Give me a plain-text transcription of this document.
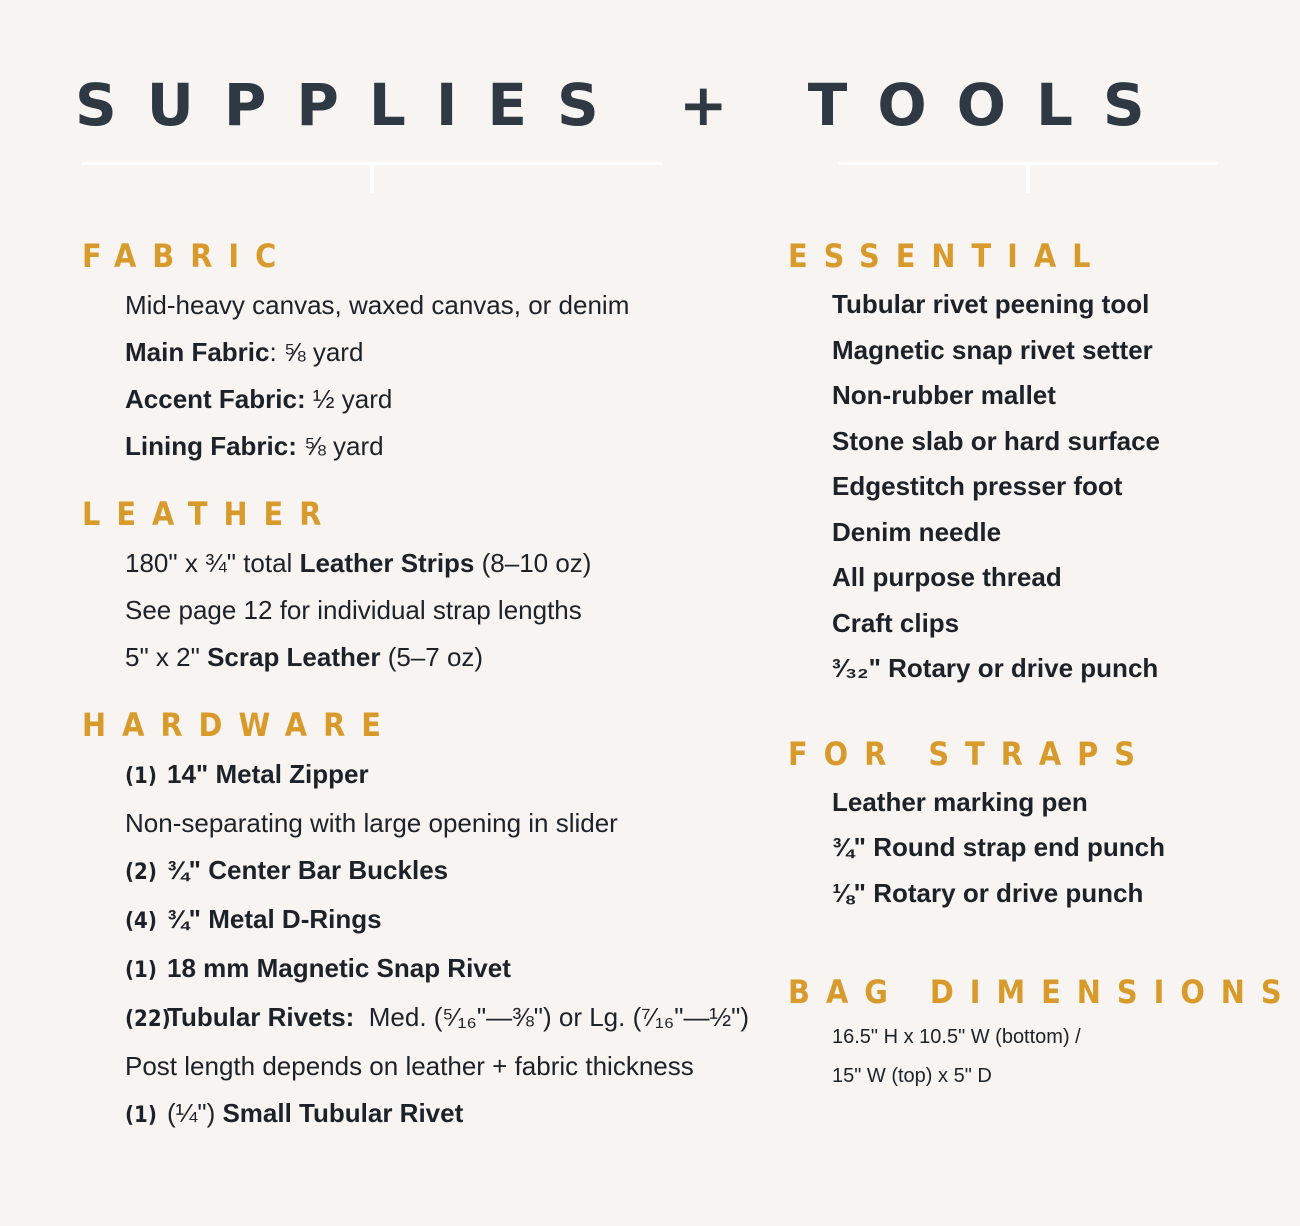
SUPPLIES + TOOLS
FABRIC
Mid-heavy canvas, waxed canvas, or denim
Main Fabric: ⅝ yard
Accent Fabric: ½ yard
Lining Fabric: ⅝ yard
LEATHER
180" x ¾" total Leather Strips (8–10 oz)
See page 12 for individual strap lengths
5" x 2" Scrap Leather (5–7 oz)
HARDWARE
(1) 14" Metal Zipper
Non-separating with large opening in slider
(2) ¾" Center Bar Buckles
(4) ¾" Metal D-Rings
(1) 18 mm Magnetic Snap Rivet
(22)Tubular Rivets:  Med. (⁵⁄₁₆"—⅜") or Lg. (⁷⁄₁₆"—½")
Post length depends on leather + fabric thickness
(1) (¼") Small Tubular Rivet
ESSENTIAL
Tubular rivet peening tool
Magnetic snap rivet setter
Non-rubber mallet
Stone slab or hard surface
Edgestitch presser foot
Denim needle
All purpose thread
Craft clips
³⁄₃₂" Rotary or drive punch
FOR STRAPS
Leather marking pen
¾" Round strap end punch
⅛" Rotary or drive punch
BAG DIMENSIONS
16.5" H x 10.5" W (bottom) /
15" W (top) x 5" D
